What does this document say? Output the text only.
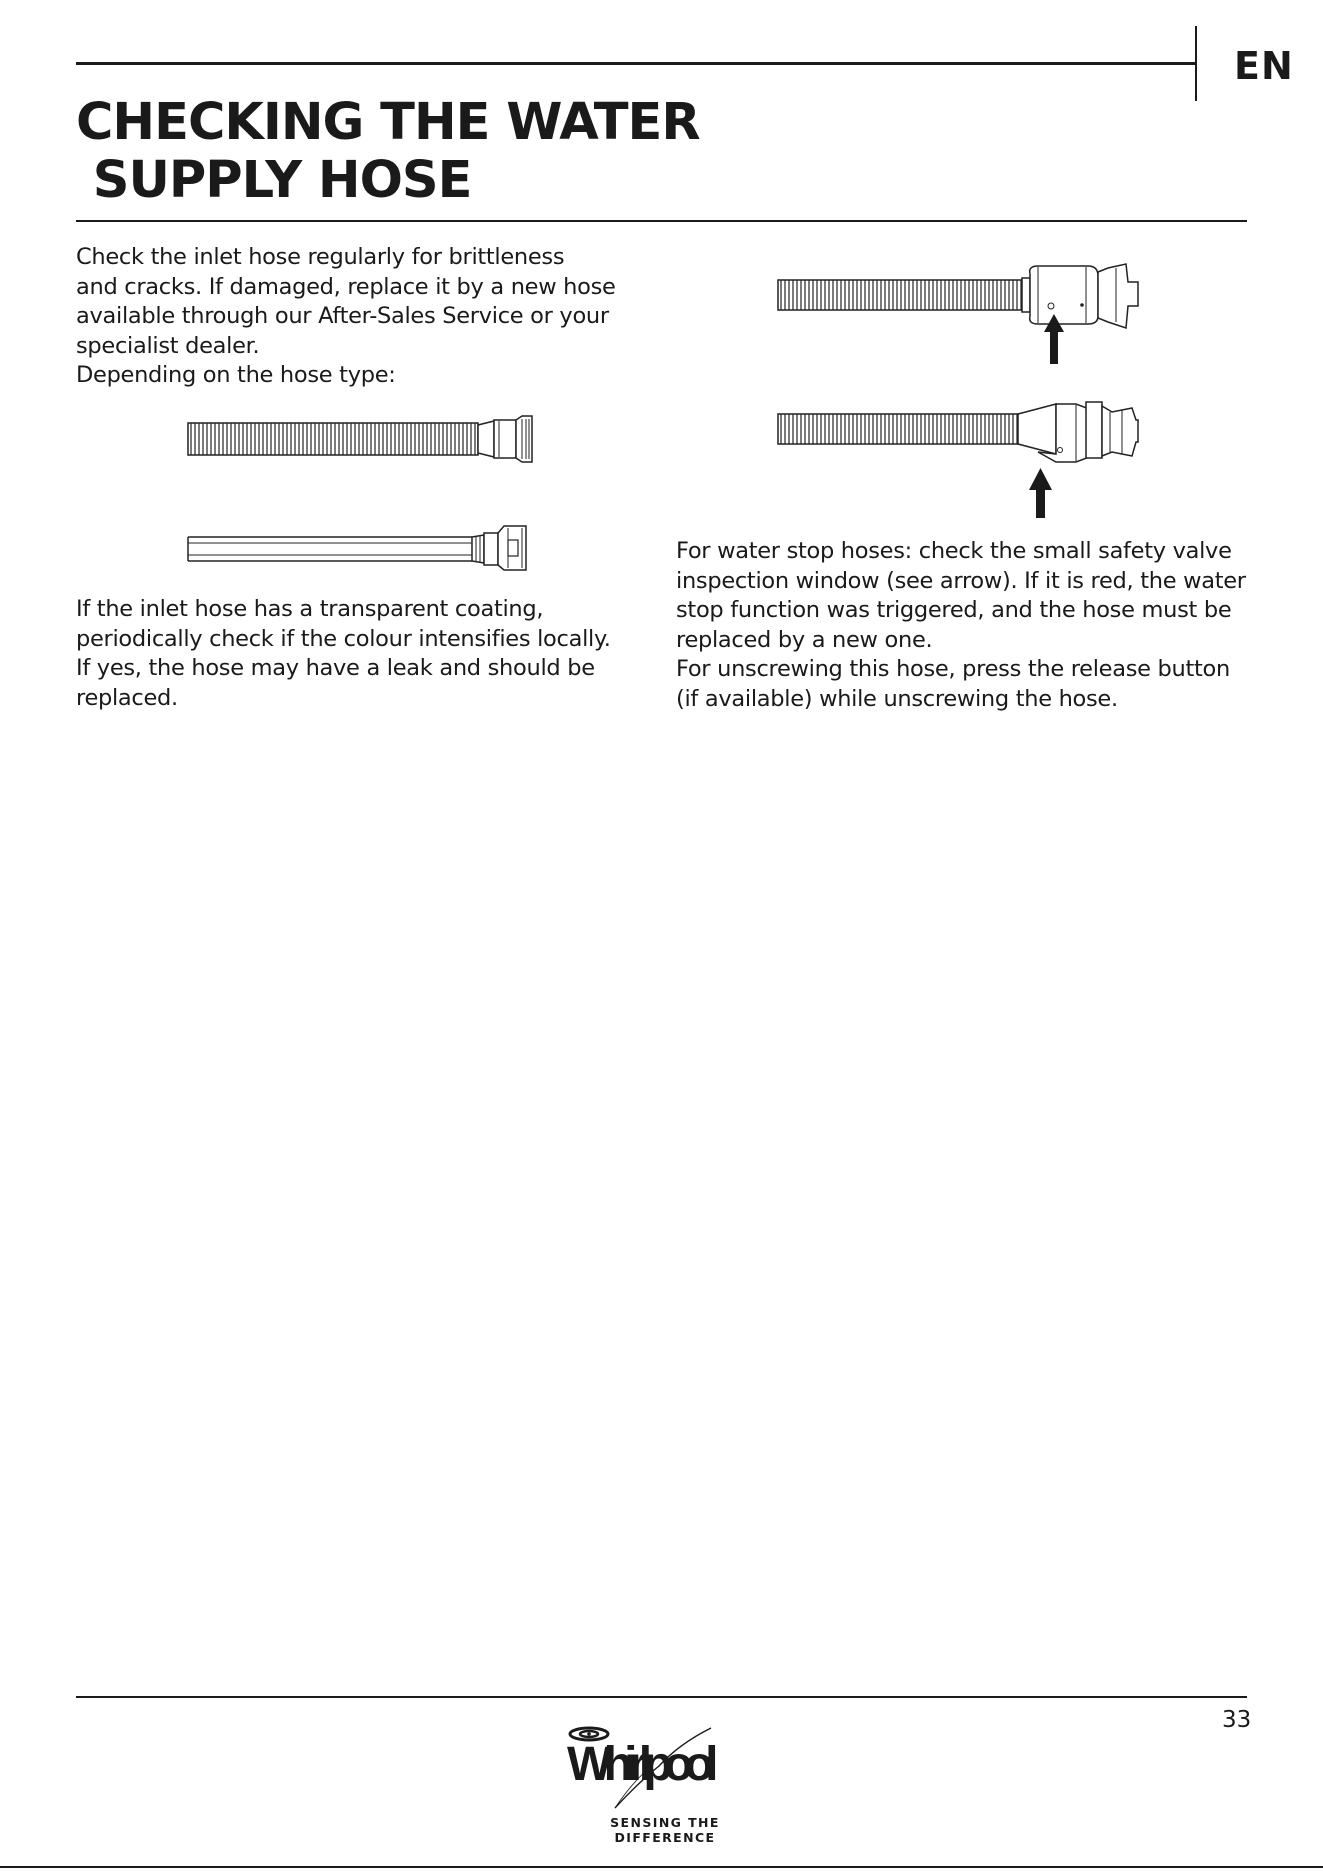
EN
CHECKING THE WATER
SUPPLY HOSE
Check the inlet hose regularly for brittleness
and cracks. If damaged, replace it by a new hose
available through our After-Sales Service or your
specialist dealer.
Depending on the hose type:
If the inlet hose has a transparent coating,
periodically check if the colour intensifies locally.
If yes, the hose may have a leak and should be
replaced.
For water stop hoses: check the small safety valve
inspection window (see arrow). If it is red, the water
stop function was triggered, and the hose must be
replaced by a new one.
For unscrewing this hose, press the release button
(if available) while unscrewing the hose.
33
Whirlpool
SENSING THE DIFFERENCE
